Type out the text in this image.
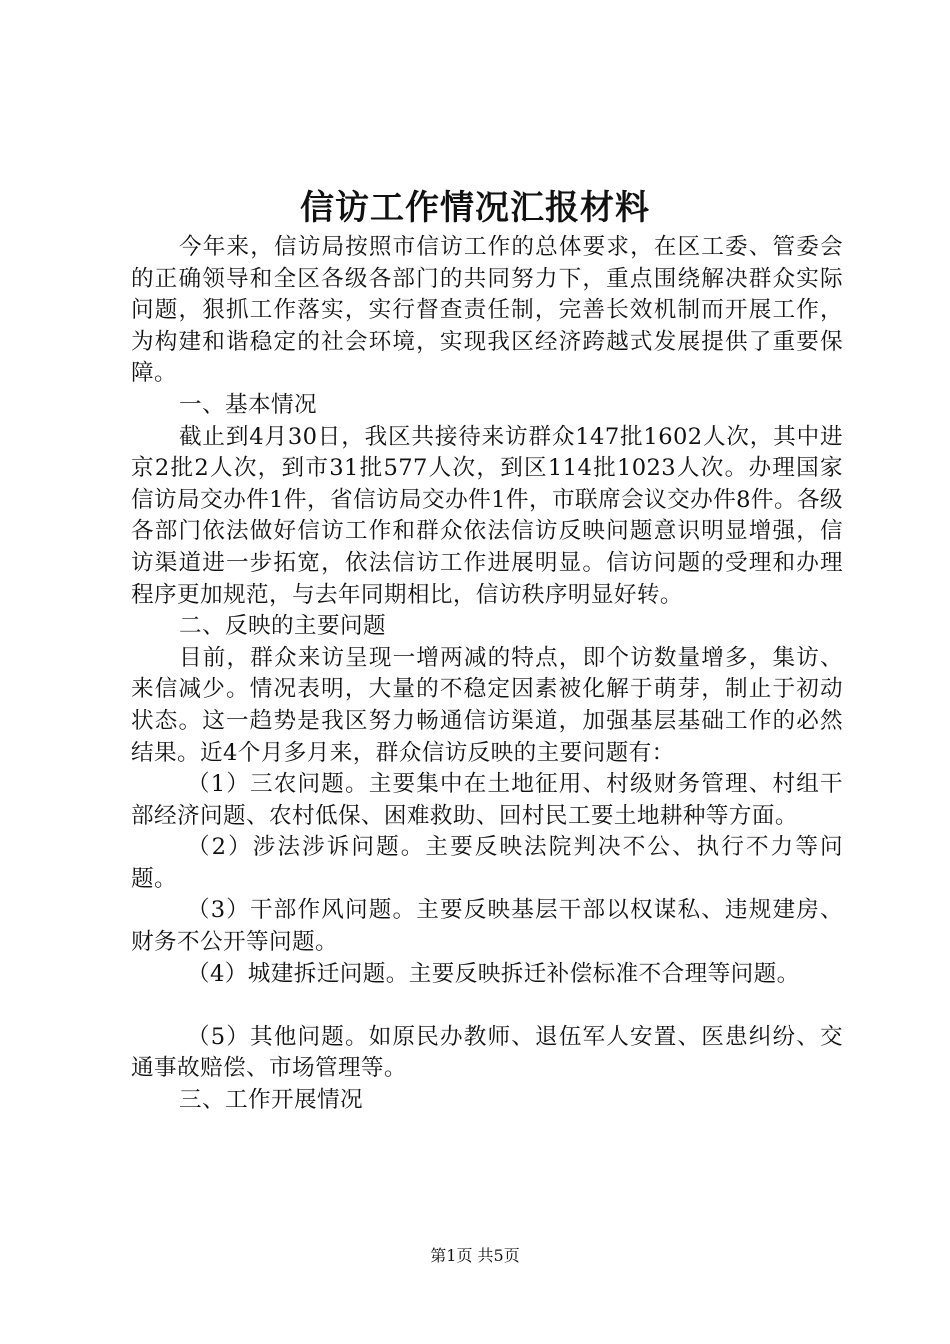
信访工作情况汇报材料

今年来，信访局按照市信访工作的总体要求，在区工委、管委会的正确领导和全区各级各部门的共同努力下，重点围绕解决群众实际问题，狠抓工作落实，实行督查责任制，完善长效机制而开展工作，为构建和谐稳定的社会环境，实现我区经济跨越式发展提供了重要保障。

一、基本情况

截止到4月30日，我区共接待来访群众147批1602人次，其中进京2批2人次，到市31批577人次，到区114批1023人次。办理国家信访局交办件1件，省信访局交办件1件，市联席会议交办件8件。各级各部门依法做好信访工作和群众依法信访反映问题意识明显增强，信访渠道进一步拓宽，依法信访工作进展明显。信访问题的受理和办理程序更加规范，与去年同期相比，信访秩序明显好转。

二、反映的主要问题

目前，群众来访呈现一增两减的特点，即个访数量增多，集访、来信减少。情况表明，大量的不稳定因素被化解于萌芽，制止于初动状态。这一趋势是我区努力畅通信访渠道，加强基层基础工作的必然结果。近4个月多月来，群众信访反映的主要问题有：

（1）三农问题。主要集中在土地征用、村级财务管理、村组干部经济问题、农村低保、困难救助、回村民工要土地耕种等方面。

（2）涉法涉诉问题。主要反映法院判决不公、执行不力等问题。

（3）干部作风问题。主要反映基层干部以权谋私、违规建房、财务不公开等问题。

（4）城建拆迁问题。主要反映拆迁补偿标准不合理等问题。

（5）其他问题。如原民办教师、退伍军人安置、医患纠纷、交通事故赔偿、市场管理等。

三、工作开展情况

第1页 共5页
